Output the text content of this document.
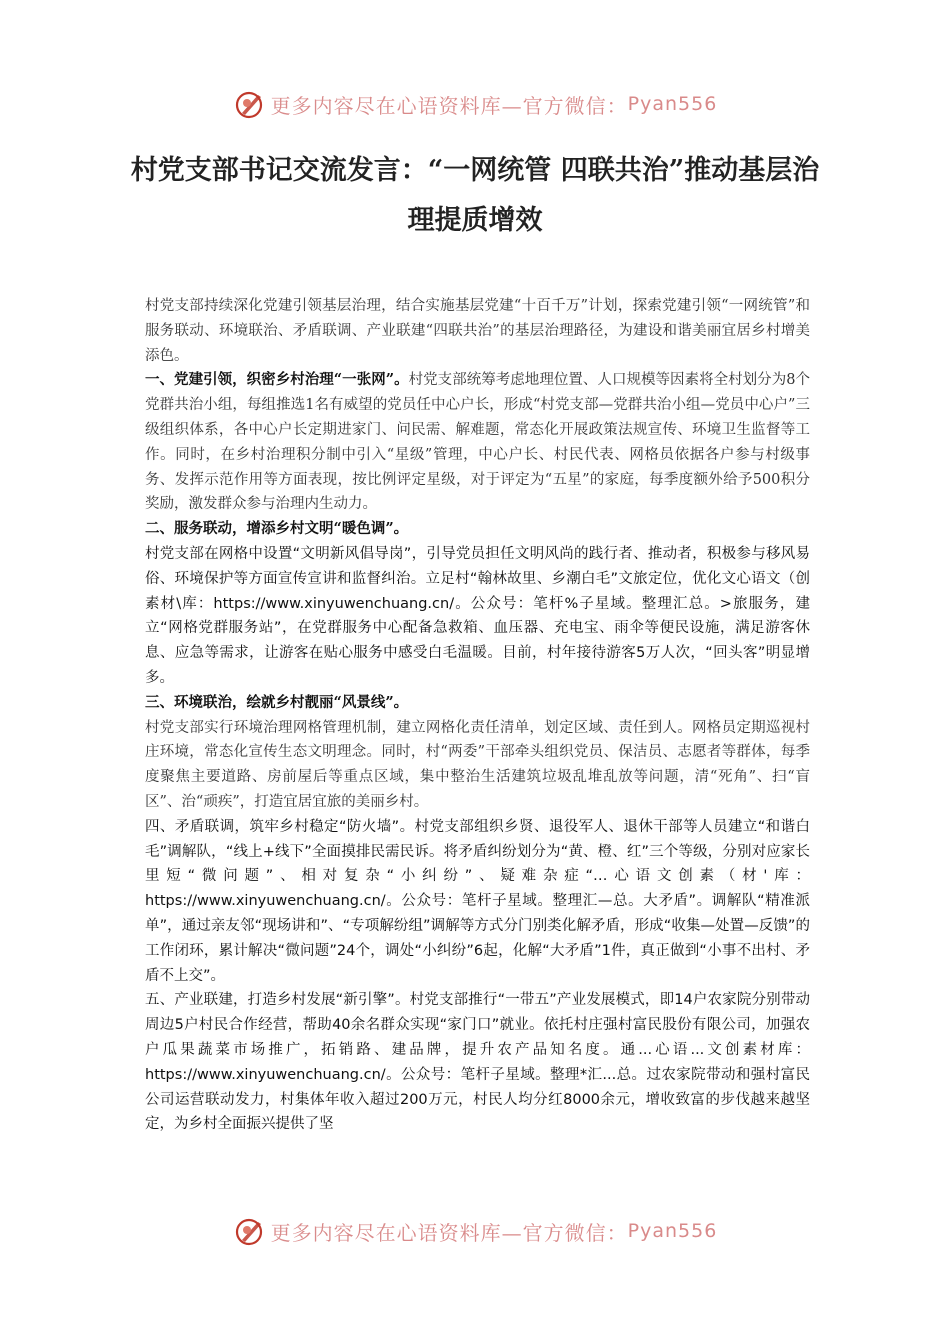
更多内容尽在心语资料库—官方微信： Pyan556
村党支部书记交流发言：“一网统管 四联共治”推动基层治理提质增效

村党支部持续深化党建引领基层治理，结合实施基层党建“十百千万”计划，探索党建引领“一网统管”和服务联动、环境联治、矛盾联调、产业联建“四联共治”的基层治理路径，为建设和谐美丽宜居乡村增美添色。

一、党建引领，织密乡村治理“一张网”。村党支部统筹考虑地理位置、人口规模等因素将全村划分为8个党群共治小组，每组推选1名有威望的党员任中心户长，形成“村党支部—党群共治小组—党员中心户”三级组织体系，各中心户长定期进家门、问民需、解难题，常态化开展政策法规宣传、环境卫生监督等工作。同时，在乡村治理积分制中引入“星级”管理，中心户长、村民代表、网格员依据各户参与村级事务、发挥示范作用等方面表现，按比例评定星级，对于评定为“五星”的家庭，每季度额外给予500积分奖励，激发群众参与治理内生动力。

二、服务联动，增添乡村文明“暖色调”。

村党支部在网格中设置“文明新风倡导岗”，引导党员担任文明风尚的践行者、推动者，积极参与移风易俗、环境保护等方面宣传宣讲和监督纠治。立足村“翰林故里、乡潮白毛”文旅定位，优化文心语文（创素材\库：https://www.xinyuwenchuang.cn/。公众号：笔杆%子星域。整理汇总。>旅服务，建立“网格党群服务站”，在党群服务中心配备急救箱、血压器、充电宝、雨伞等便民设施，满足游客休息、应急等需求，让游客在贴心服务中感受白毛温暖。目前，村年接待游客5万人次，“回头客”明显增多。

三、环境联治，绘就乡村靓丽“风景线”。

村党支部实行环境治理网格管理机制，建立网格化责任清单，划定区域、责任到人。网格员定期巡视村庄环境，常态化宣传生态文明理念。同时，村“两委”干部牵头组织党员、保洁员、志愿者等群体，每季度聚焦主要道路、房前屋后等重点区域，集中整治生活建筑垃圾乱堆乱放等问题，清“死角”、扫“盲区”、治“顽疾”，打造宜居宜旅的美丽乡村。

四、矛盾联调，筑牢乡村稳定“防火墙”。村党支部组织乡贤、退役军人、退休干部等人员建立“和谐白毛”调解队，“线上+线下”全面摸排民需民诉。将矛盾纠纷划分为“黄、橙、红”三个等级，分别对应家长里短“微问题”、相对复杂“小纠纷”、疑难杂症“…心语文创素（材'库：https://www.xinyuwenchuang.cn/。公众号：笔杆子星域。整理汇—总。大矛盾”。调解队“精准派单”，通过亲友邻“现场讲和”、“专项解纷组”调解等方式分门别类化解矛盾，形成“收集—处置—反馈”的工作闭环，累计解决“微问题”24个，调处“小纠纷”6起，化解“大矛盾”1件，真正做到“小事不出村、矛盾不上交”。

五、产业联建，打造乡村发展“新引擎”。村党支部推行“一带五”产业发展模式，即14户农家院分别带动周边5户村民合作经营，帮助40余名群众实现“家门口”就业。依托村庄强村富民股份有限公司，加强农户瓜果蔬菜市场推广，拓销路、建品牌，提升农产品知名度。通...心语...文创素材库：https://www.xinyuwenchuang.cn/。公众号：笔杆子星域。整理*汇...总。过农家院带动和强村富民公司运营联动发力，村集体年收入超过200万元，村民人均分红8000余元，增收致富的步伐越来越坚定，为乡村全面振兴提供了坚

更多内容尽在心语资料库—官方微信： Pyan556
